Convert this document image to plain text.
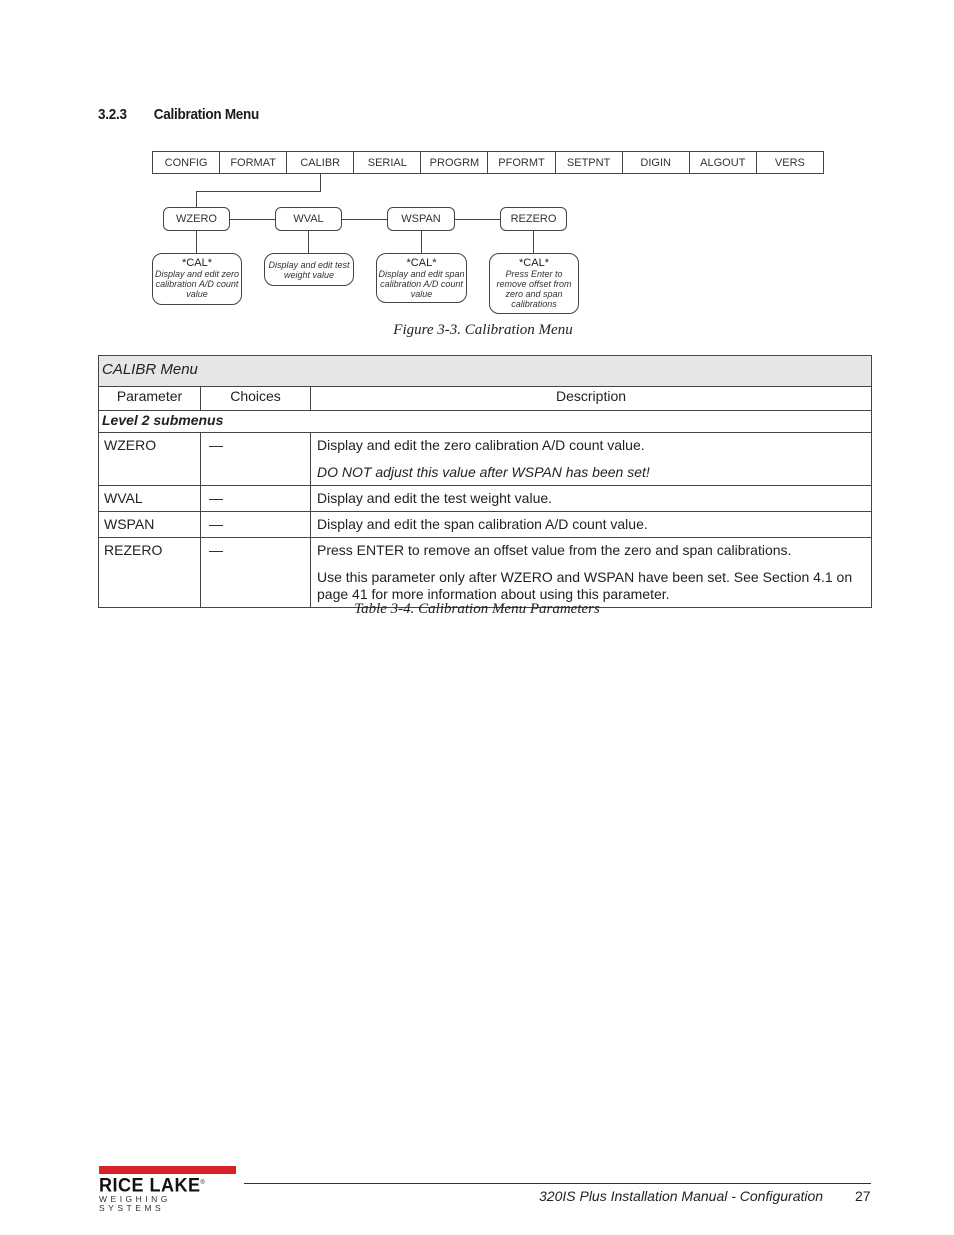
3.2.3 Calibration Menu
CONFIG	FORMAT	CALIBR	SERIAL	PROGRM	PFORMT	SETPNT	DIGIN	ALGOUT	VERS
WZERO	WVAL	WSPAN	REZERO
*CAL*
Display and edit zero calibration A/D count value
Display and edit test weight value
*CAL*
Display and edit span calibration A/D count value
*CAL*
Press Enter to remove offset from zero and span calibrations
Figure 3-3. Calibration Menu
CALIBR Menu		
Parameter	Choices	Description
Level 2 submenus		
WZERO	—	Display and edit the zero calibration A/D count value.

DO NOT adjust this value after WSPAN has been set!

WVAL	—	Display and edit the test weight value.

WSPAN	—	Display and edit the span calibration A/D count value.

REZERO	—	Press ENTER to remove an offset value from the zero and span calibrations.

Use this parameter only after WZERO and WSPAN have been set. See Section 4.1 on page 41 for more information about using this parameter.

Table 3-4. Calibration Menu Parameters
RICE LAKE®
WEIGHING SYSTEMS
320IS Plus Installation Manual - Configuration 27
